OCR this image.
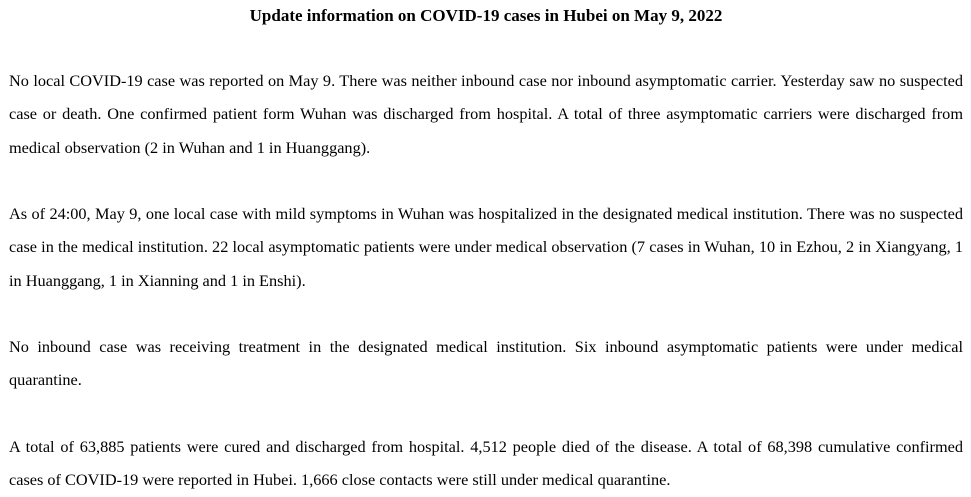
Update information on COVID-19 cases in Hubei on May 9, 2022

No local COVID-19 case was reported on May 9. There was neither inbound case nor inbound asymptomatic carrier. Yesterday saw no suspected case or death. One confirmed patient form Wuhan was discharged from hospital. A total of three asymptomatic carriers were discharged from medical observation (2 in Wuhan and 1 in Huanggang).

As of 24:00, May 9, one local case with mild symptoms in Wuhan was hospitalized in the designated medical institution. There was no suspected case in the medical institution. 22 local asymptomatic patients were under medical observation (7 cases in Wuhan, 10 in Ezhou, 2 in Xiangyang, 1 in Huanggang, 1 in Xianning and 1 in Enshi).

No inbound case was receiving treatment in the designated medical institution. Six inbound asymptomatic patients were under medical quarantine.

A total of 63,885 patients were cured and discharged from hospital. 4,512 people died of the disease. A total of 68,398 cumulative confirmed cases of COVID-19 were reported in Hubei. 1,666 close contacts were still under medical quarantine.
